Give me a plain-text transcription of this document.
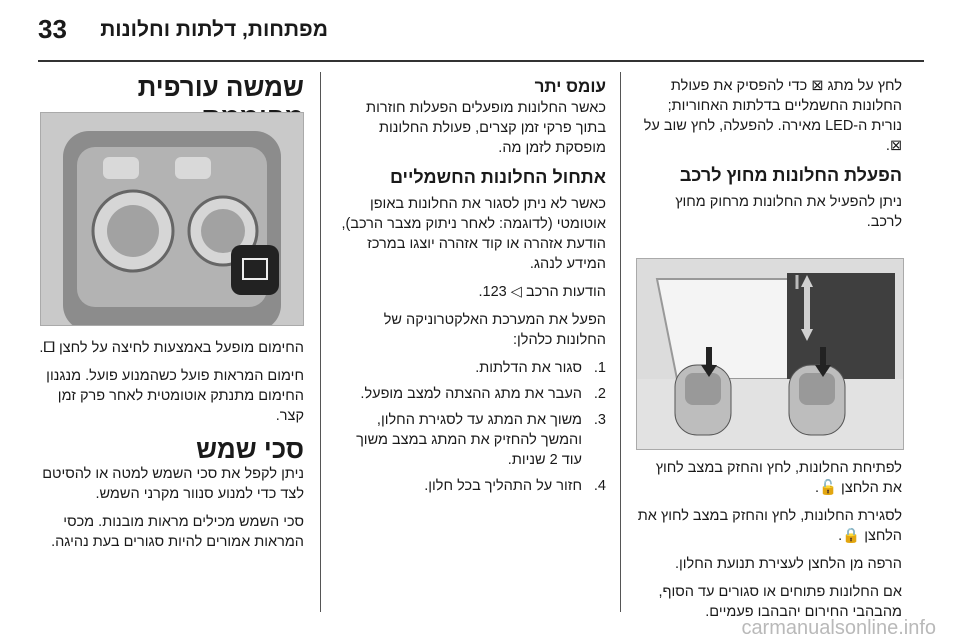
33 מפתחות, דלתות וחלונות

לחץ על מתג ⊠ כדי להפסיק את פעולת החלונות החשמליים בדלתות האחוריות; נורית ה-LED מאירה. להפעלה, לחץ שוב על ⊠.

הפעלת החלונות מחוץ לרכב

ניתן להפעיל את החלונות מרחוק מחוץ לרכב.

לפתיחת החלונות, לחץ והחזק במצב לחוץ את הלחצן 🔓.

לסגירת החלונות, לחץ והחזק במצב לחוץ את הלחצן 🔒.

הרפה מן הלחצן לעצירת תנועת החלון.

אם החלונות פתוחים או סגורים עד הסוף, מהבהבי החירום יהבהבו פעמיים.

עומס יתר

כאשר החלונות מופעלים הפעלות חוזרות בתוך פרקי זמן קצרים, פעולת החלונות מופסקת לזמן מה.

אתחול החלונות החשמליים

כאשר לא ניתן לסגור את החלונות באופן אוטומטי (לדוגמה: לאחר ניתוק מצבר הרכב), הודעת אזהרה או קוד אזהרה יוצגו במרכז המידע לנהג.

הודעות הרכב ◁ 123.

הפעל את המערכת האלקטרוניקה של החלונות כלהלן:

1.
סגור את הדלתות.
2.
העבר את מתג ההצתה למצב מופעל.
3.
משוך את המתג עד לסגירת החלון, והמשך להחזיק את המתג במצב משוך עוד 2 שניות.
4.
חזור על התהליך בכל חלון.
שמשה עורפית

החימום מופעל באמצעות לחיצה על לחצן 🞑.

חימום המראות פועל כשהמנוע פועל. מנגנון החימום מתנתק אוטומטית לאחר פרק זמן קצר.

סכי שמש

ניתן לקפל את סכי השמש למטה או להסיטם לצד כדי למנוע סנוור מקרני השמש.

סכי השמש מכילים מראות מובנות. מכסי המראות אמורים להיות סגורים בעת נהיגה.

carmanualsonline.info
